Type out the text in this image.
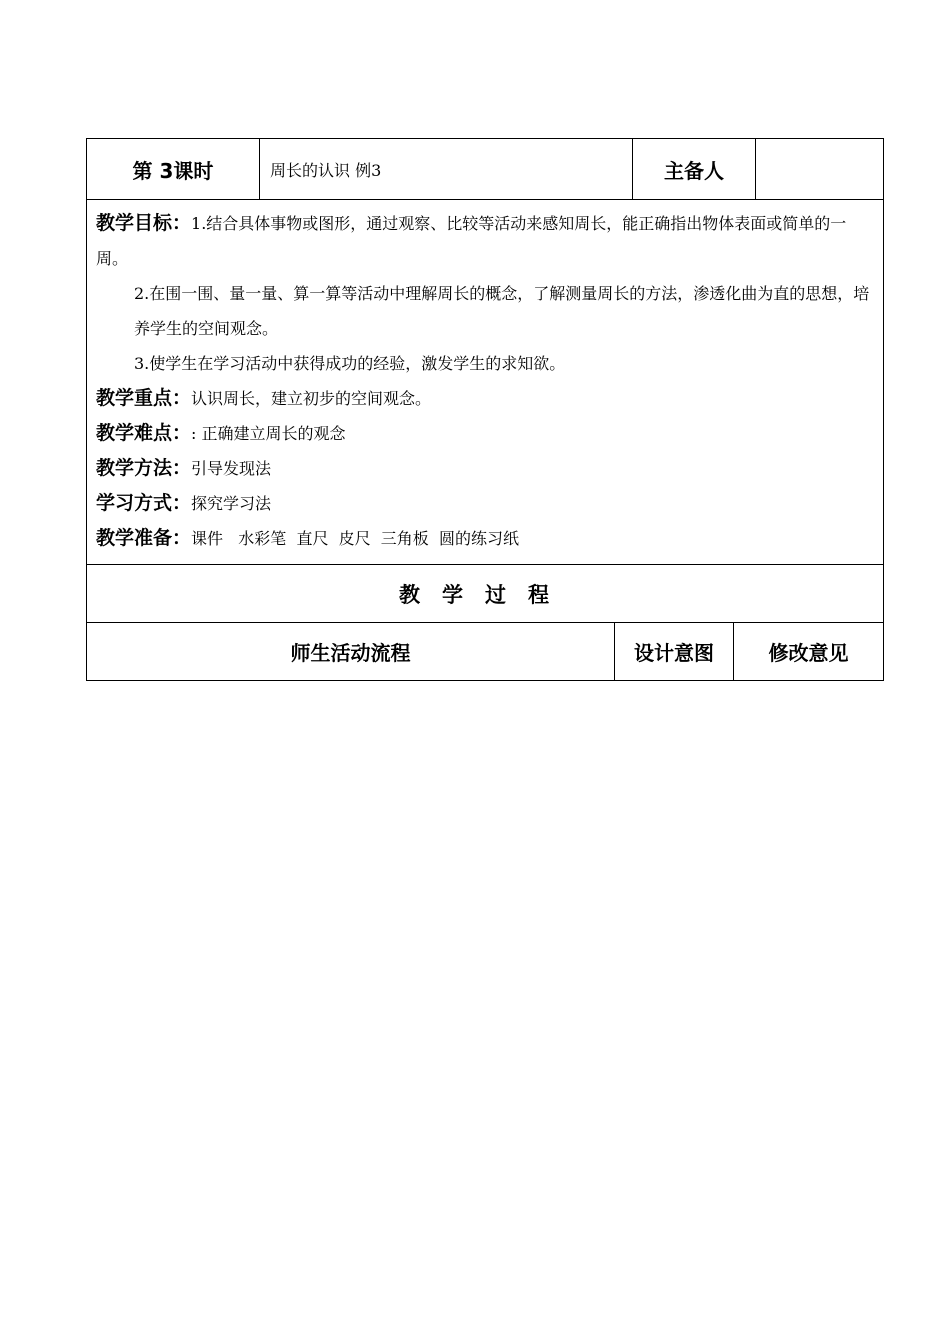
第 3课时	周长的认识 例3	主备人

教学目标：1.结合具体事物或图形，通过观察、比较等活动来感知周长，能正确指出物体表面或简单的一周。

2.在围一围、量一量、算一算等活动中理解周长的概念，了解测量周长的方法，渗透化曲为直的思想，培养学生的空间观念。

3.使学生在学习活动中获得成功的经验，激发学生的求知欲。

教学重点：认识周长，建立初步的空间观念。

教学难点：: 正确建立周长的观念

教学方法：引导发现法

学习方式：探究学习法

教学准备：课件   水彩笔  直尺  皮尺  三角板  圆的练习纸

教学过程
师生活动流程	设计意图	修改意见
